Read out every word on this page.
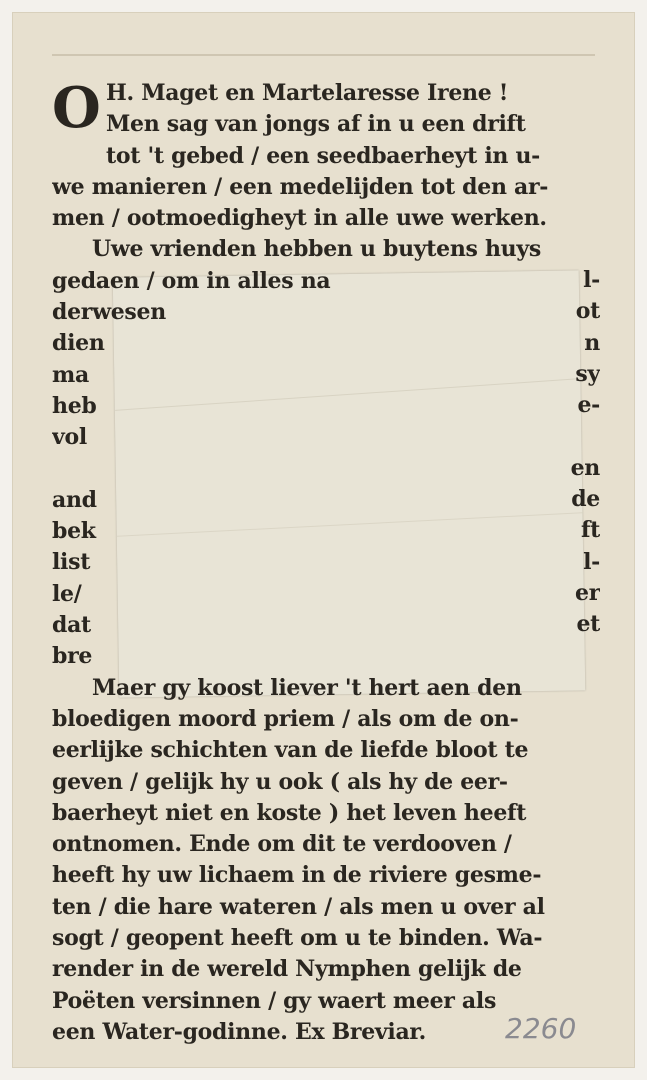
O H. Maget en Martelaresse Irene !
Men sag van jongs af in u een drift
tot 't gebed / een seedbaerheyt in u-
we manieren / een medelijden tot den ar-
men / ootmoedigheyt in alle uwe werken.
Uwe vrienden hebben u buytens huys
gedaen / om in alles na
derwesen
dien
ma
heb
vol

and
bek
list
le/
dat
bre
Maer gy koost liever 't hert aen den
bloedigen moord priem / als om de on-
eerlijke schichten van de liefde bloot te
geven / gelijk hy u ook ( als hy de eer-
baerheyt niet en koste ) het leven heeft
ontnomen. Ende om dit te verdooven /
heeft hy uw lichaem in de riviere gesme-
ten / die hare wateren / als men u over al
sogt / geopent heeft om u te binden. Wa-
render in de wereld Nymphen gelijk de
Poëten versinnen / gy waert meer als
een Water-godinne. Ex Breviar.
l-
ot
n
sy
e-

en
de
ft
l-
er
et
2260
